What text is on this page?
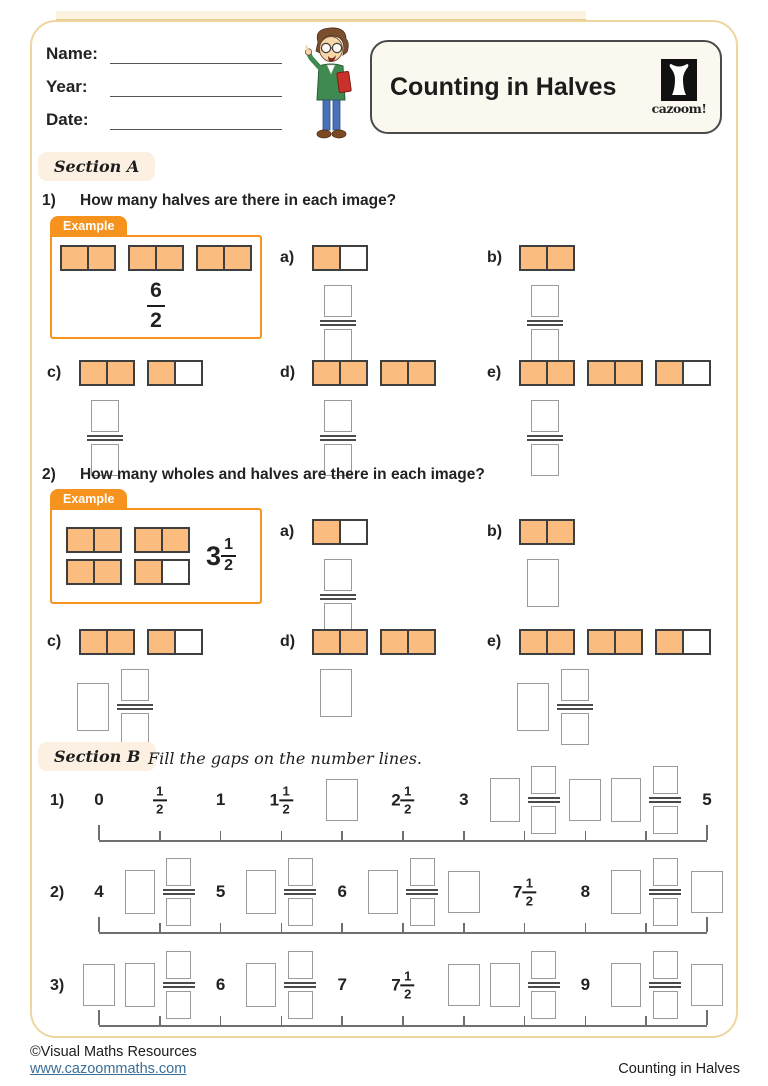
Name:
Year:
Date:
Counting in Halves
cazoom!
Section A
1)	How many halves are there in each image?
Example
6
2
a)	b)
c)	d)	e)
2)	How many wholes and halves are there in each image?
Example
3 1
2
a)	b)
c)	d)	e)
Section B Fill the gaps on the number lines.
1) 0	1
2	1	1 1
2	2 1
2	3	5
2) 4	5	6	7 1
2	8
3)	6	7	7 1
2	9
©Visual Maths Resources
www.cazoommaths.com	Counting in Halves
